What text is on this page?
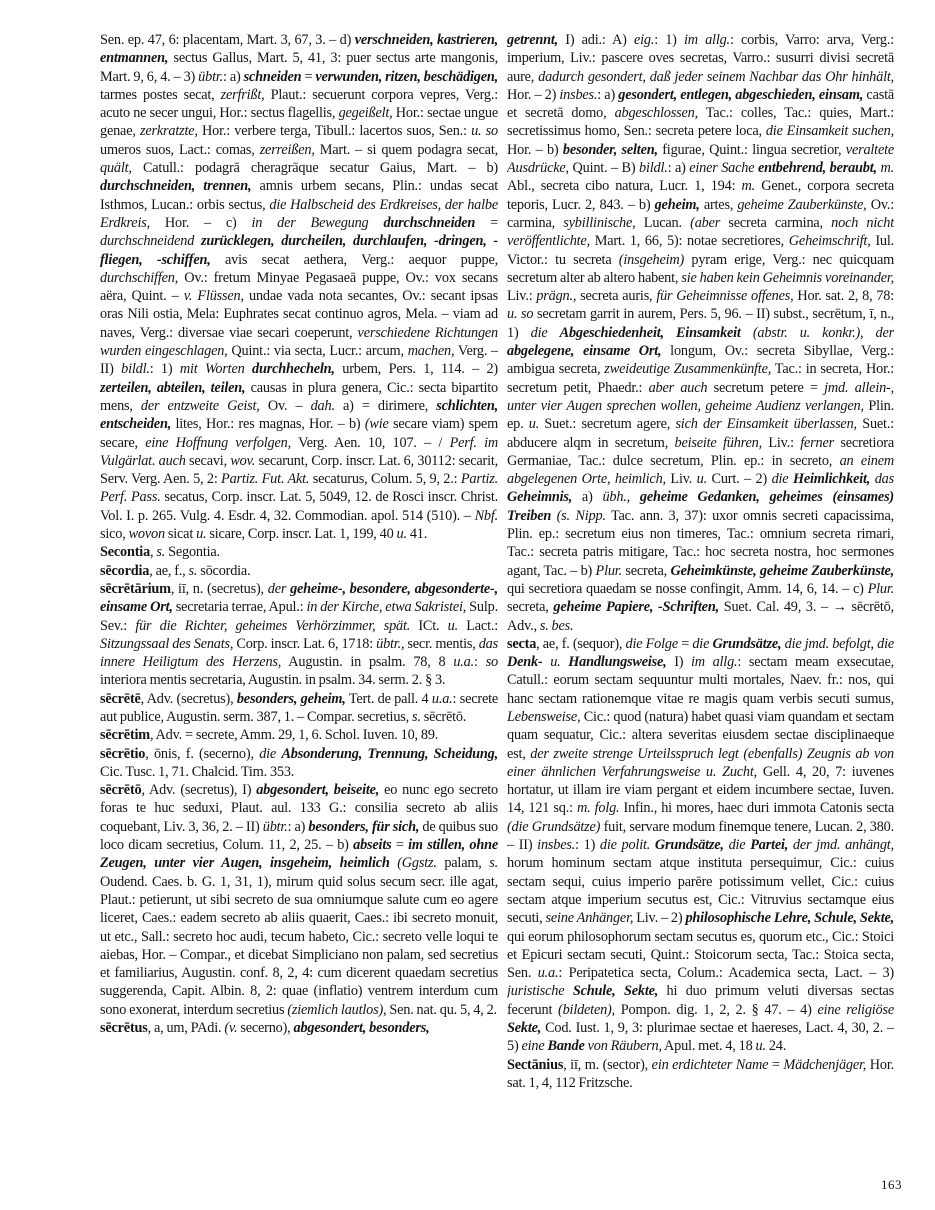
Sen. ep. 47, 6: placentam, Mart. 3, 67, 3. – d) verschneiden, kastrieren, entmannen, sectus Gallus, Mart. 5, 41, 3: puer sectus arte mangonis, Mart. 9, 6, 4. – 3) übtr.: a) schneiden = verwunden, ritzen, beschädigen, tarmes postes secat, zerfrißt, Plaut.: secuerunt corpora vepres, Verg.: acuto ne secer ungui, Hor.: sectus flagellis, gegeißelt, Hor.: sectae ungue genae, zerkratzte, Hor.: verbere terga, Tibull.: lacertos suos, Sen.: u. so umeros suos, Lact.: comas, zerreißen, Mart. – si quem podagra secat, quält, Catull.: podagrā cheragrāque secatur Gaius, Mart. – b) durchschneiden, trennen, amnis urbem secans, Plin.: undas secat Isthmos, Lucan.: orbis sectus, die Halbscheid des Erdkreises, der halbe Erdkreis, Hor. – c) in der Bewegung durchschneiden = durchschneidend zurücklegen, durcheilen, durchlaufen, -dringen, -fliegen, -schiffen, avis secat aethera, Verg.: aequor puppe, durchschiffen, Ov.: fretum Minyae Pegasaeā puppe, Ov.: vox secans aëra, Quint. – v. Flüssen, undae vada nota secantes, Ov.: secant ipsas oras Nili ostia, Mela: Euphrates secat continuo agros, Mela. – viam ad naves, Verg.: diversae viae secari coeperunt, verschiedene Richtungen wurden eingeschlagen, Quint.: via secta, Lucr.: arcum, machen, Verg. – II) bildl.: 1) mit Worten durchhecheln, urbem, Pers. 1, 114. – 2) zerteilen, abteilen, teilen, causas in plura genera, Cic.: secta bipartito mens, der entzweite Geist, Ov. – dah. a) = dirimere, schlichten, entscheiden, lites, Hor.: res magnas, Hor. – b) (wie secare viam) spem secare, eine Hoffnung verfolgen, Verg. Aen. 10, 107. – / Perf. im Vulgärlat. auch secavi, wov. secarunt, Corp. inscr. Lat. 6, 30112: secarit, Serv. Verg. Aen. 5, 2: Partiz. Fut. Akt. secaturus, Colum. 5, 9, 2.: Partiz. Perf. Pass. secatus, Corp. inscr. Lat. 5, 5049, 12. de Rosci inscr. Christ. Vol. I. p. 265. Vulg. 4. Esdr. 4, 32. Commodian. apol. 514 (510). – Nbf. sico, wovon sicat u. sicare, Corp. inscr. Lat. 1, 199, 40 u. 41.

Secontia, s. Segontia.

sēcordia, ae, f., s. sōcordia.

sēcrētārium, iī, n. (secretus), der geheime-, besondere, abgesonderte-, einsame Ort, secretaria terrae, Apul.: in der Kirche, etwa Sakristei, Sulp. Sev.: für die Richter, geheimes Verhörzimmer, spät. ICt. u. Lact.: Sitzungssaal des Senats, Corp. inscr. Lat. 6, 1718: übtr., secr. mentis, das innere Heiligtum des Herzens, Augustin. in psalm. 78, 8 u.a.: so interiora mentis secretaria, Augustin. in psalm. 34. serm. 2. § 3.

sēcrētē, Adv. (secretus), besonders, geheim, Tert. de pall. 4 u.a.: secrete aut publice, Augustin. serm. 387, 1. – Compar. secretius, s. sēcrētō.

sēcrētim, Adv. = secrete, Amm. 29, 1, 6. Schol. Iuven. 10, 89.

sēcrētio, ōnis, f. (secerno), die Absonderung, Trennung, Scheidung, Cic. Tusc. 1, 71. Chalcid. Tim. 353.

sēcrētō, Adv. (secretus), I) abgesondert, beiseite, eo nunc ego secreto foras te huc seduxi, Plaut. aul. 133 G.: consilia secreto ab aliis coquebant, Liv. 3, 36, 2. – II) übtr.: a) besonders, für sich, de quibus suo loco dicam secretius, Colum. 11, 2, 25. – b) abseits = im stillen, ohne Zeugen, unter vier Augen, insgeheim, heimlich (Ggstz. palam, s. Oudend. Caes. b. G. 1, 31, 1), mirum quid solus secum secr. ille agat, Plaut.: petierunt, ut sibi secreto de sua omniumque salute cum eo agere liceret, Caes.: eadem secreto ab aliis quaerit, Caes.: ibi secreto monuit, ut etc., Sall.: secreto hoc audi, tecum habeto, Cic.: secreto velle loqui te aiebas, Hor. – Compar., et dicebat Simpliciano non palam, sed secretius et familiarius, Augustin. conf. 8, 2, 4: cum dicerent quaedam secretius suggerenda, Capit. Albin. 8, 2: quae (inflatio) ventrem interdum cum sono exonerat, interdum secretius (ziemlich lautlos), Sen. nat. qu. 5, 4, 2.

sēcrētus, a, um, PAdi. (v. secerno), abgesondert, besonders,

getrennt, I) adi.: A) eig.: 1) im allg.: corbis, Varro: arva, Verg.: imperium, Liv.: pascere oves secretas, Varro.: susurri divisi secretā aure, dadurch gesondert, daß jeder seinem Nachbar das Ohr hinhält, Hor. – 2) insbes.: a) gesondert, entlegen, abgeschieden, einsam, castā et secretā domo, abgeschlossen, Tac.: colles, Tac.: quies, Mart.: secretissimus homo, Sen.: secreta petere loca, die Einsamkeit suchen, Hor. – b) besonder, selten, figurae, Quint.: lingua secretior, veraltete Ausdrücke, Quint. – B) bildl.: a) einer Sache entbehrend, beraubt, m. Abl., secreta cibo natura, Lucr. 1, 194: m. Genet., corpora secreta teporis, Lucr. 2, 843. – b) geheim, artes, geheime Zauberkünste, Ov.: carmina, sybillinische, Lucan. (aber secreta carmina, noch nicht veröffentlichte, Mart. 1, 66, 5): notae secretiores, Geheimschrift, Iul. Victor.: tu secreta (insgeheim) pyram erige, Verg.: nec quicquam secretum alter ab altero habent, sie haben kein Geheimnis voreinander, Liv.: prägn., secreta auris, für Geheimnisse offenes, Hor. sat. 2, 8, 78: u. so secretam garrit in aurem, Pers. 5, 96. – II) subst., secrētum, ī, n., 1) die Abgeschiedenheit, Einsamkeit (abstr. u. konkr.), der abgelegene, einsame Ort, longum, Ov.: secreta Sibyllae, Verg.: ambigua secreta, zweideutige Zusammenkünfte, Tac.: in secreta, Hor.: secretum petit, Phaedr.: aber auch secretum petere = jmd. allein-, unter vier Augen sprechen wollen, geheime Audienz verlangen, Plin. ep. u. Suet.: secretum agere, sich der Einsamkeit überlassen, Suet.: abducere alqm in secretum, beiseite führen, Liv.: ferner secretiora Germaniae, Tac.: dulce secretum, Plin. ep.: in secreto, an einem abgelegenen Orte, heimlich, Liv. u. Curt. – 2) die Heimlichkeit, das Geheimnis, a) übh., geheime Gedanken, geheimes (einsames) Treiben (s. Nipp. Tac. ann. 3, 37): uxor omnis secreti capacissima, Plin. ep.: secretum eius non timeres, Tac.: omnium secreta rimari, Tac.: secreta patris mitigare, Tac.: hoc secreta nostra, hoc sermones agant, Tac. – b) Plur. secreta, Geheimkünste, geheime Zauberkünste, qui secretiora quaedam se nosse confingit, Amm. 14, 6, 14. – c) Plur. secreta, geheime Papiere, -Schriften, Suet. Cal. 49, 3. – → sēcrētō, Adv., s. bes.

secta, ae, f. (sequor), die Folge = die Grundsätze, die jmd. befolgt, die Denk- u. Handlungsweise, I) im allg.: sectam meam exsecutae, Catull.: eorum sectam sequuntur multi mortales, Naev. fr.: nos, qui hanc sectam rationemque vitae re magis quam verbis secuti sumus, Lebensweise, Cic.: quod (natura) habet quasi viam quandam et sectam quam sequatur, Cic.: altera severitas eiusdem sectae disciplinaeque est, der zweite strenge Urteilsspruch legt (ebenfalls) Zeugnis ab von einer ähnlichen Verfahrungsweise u. Zucht, Gell. 4, 20, 7: iuvenes hortatur, ut illam ire viam pergant et eidem incumbere sectae, Iuven. 14, 121 sq.: m. folg. Infin., hi mores, haec duri immota Catonis secta (die Grundsätze) fuit, servare modum finemque tenere, Lucan. 2, 380. – II) insbes.: 1) die polit. Grundsätze, die Partei, der jmd. anhängt, horum hominum sectam atque instituta persequimur, Cic.: cuius sectam sequi, cuius imperio parēre potissimum vellet, Cic.: cuius sectam atque imperium secutus est, Cic.: Vitruvius sectamque eius secuti, seine Anhänger, Liv. – 2) philosophische Lehre, Schule, Sekte, qui eorum philosophorum sectam secutus es, quorum etc., Cic.: Stoici et Epicuri sectam secuti, Quint.: Stoicorum secta, Tac.: Stoica secta, Sen. u.a.: Peripatetica secta, Colum.: Academica secta, Lact. – 3) juristische Schule, Sekte, hi duo primum veluti diversas sectas fecerunt (bildeten), Pompon. dig. 1, 2, 2. § 47. – 4) eine religiöse Sekte, Cod. Iust. 1, 9, 3: plurimae sectae et haereses, Lact. 4, 30, 2. – 5) eine Bande von Räubern, Apul. met. 4, 18 u. 24.

Sectānius, iī, m. (sector), ein erdichteter Name = Mädchenjäger, Hor. sat. 1, 4, 112 Fritzsche.

163
